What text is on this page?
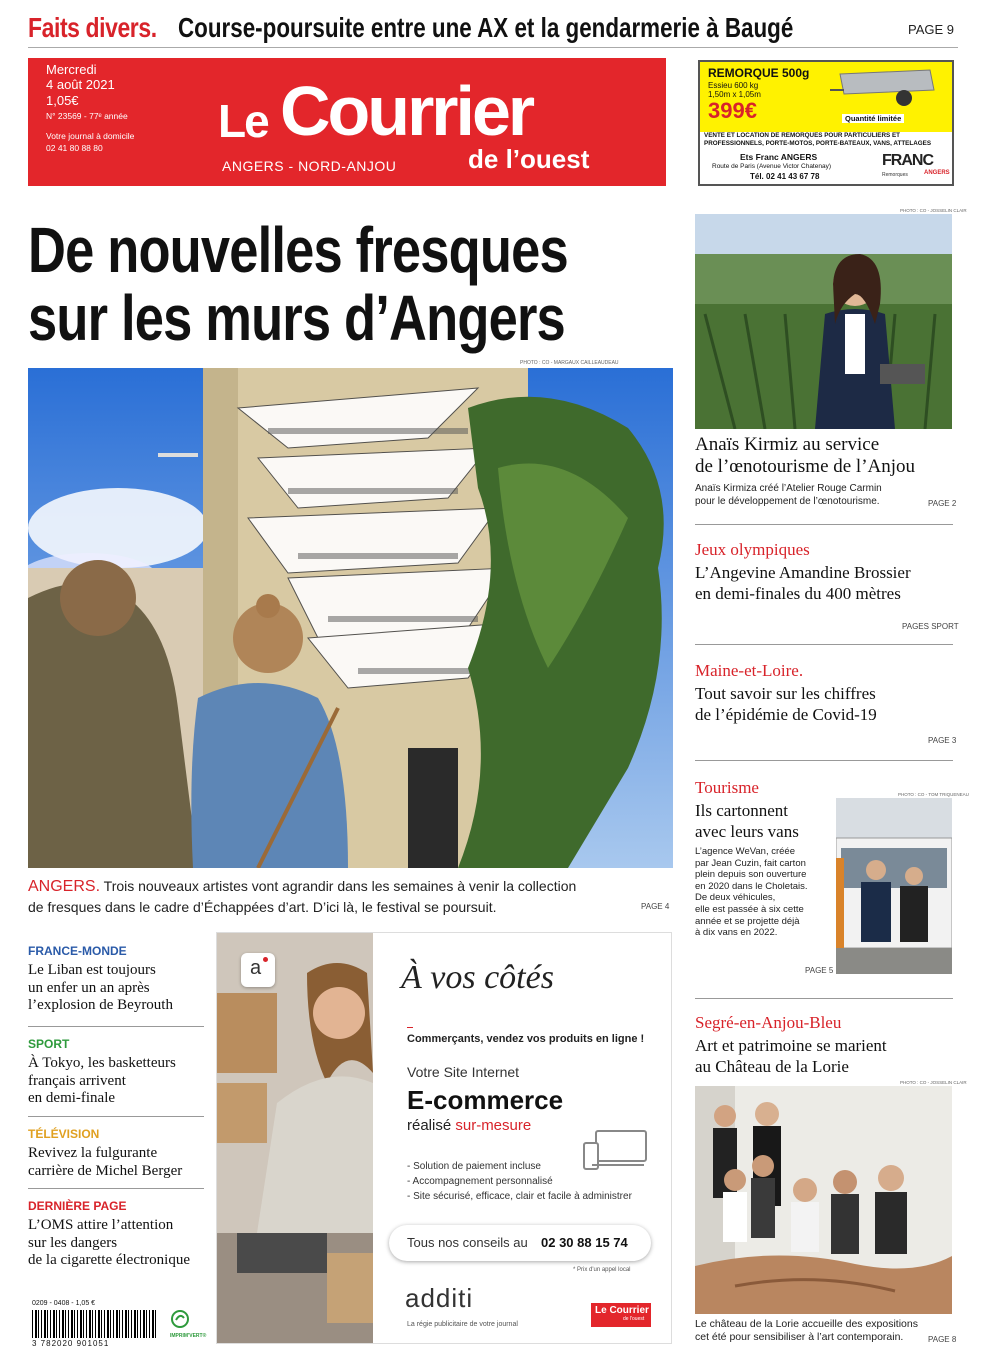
Faits divers. Course-poursuite entre une AX et la gendarmerie à Baugé	PAGE 9
Mercredi
4 août 2021
1,05€
N° 23569 - 77ᵉ année
Votre journal à domicile
02 41 80 88 80
Le Courrier
de l’ouest
ANGERS - NORD-ANJOU
REMORQUE 500g
Essieu 600 kg
1,50m x 1,05m
399€	Quantité limitée
VENTE ET LOCATION DE REMORQUES POUR PARTICULIERS ET PROFESSIONNELS, PORTE-MOTOS, PORTE-BATEAUX, VANS, ATTELAGES
Ets Franc ANGERS
Route de Paris (Avenue Victor Chatenay)
Tél. 02 41 43 67 78
FRANC
ANGERS
Remorques
De nouvelles fresques
sur les murs d’Angers
PHOTO : CO - MARGAUX CAILLEAUDEAU
ANGERS. Trois nouveaux artistes vont agrandir dans les semaines à venir la collection
de fresques dans le cadre d’Échappées d’art. D’ici là, le festival se poursuit.	PAGE 4
PHOTO : CO - JOSSELIN CLAIR
Anaïs Kirmiz au service
de l’œnotourisme de l’Anjou
Anaïs Kirmiza créé l’Atelier Rouge Carmin
pour le développement de l’œnotourisme.	PAGE 2
Jeux olympiques
L’Angevine Amandine Brossier
en demi-finales du 400 mètres
PAGES SPORT
Maine-et-Loire.
Tout savoir sur les chiffres
de l’épidémie de Covid-19
PAGE 3
Tourisme
Ils cartonnent
avec leurs vans
L’agence WeVan, créée
par Jean Cuzin, fait carton
plein depuis son ouverture
en 2020 dans le Choletais.
De deux véhicules,
elle est passée à six cette
année et se projette déjà
à dix vans en 2022.
PAGE 5
PHOTO : CO - TOM TRIQUENEAU
Segré-en-Anjou-Bleu
Art et patrimoine se marient
au Château de la Lorie
PHOTO : CO - JOSSELIN CLAIR
Le château de la Lorie accueille des expositions
cet été pour sensibiliser à l’art contemporain.	PAGE 8
FRANCE-MONDE
Le Liban est toujours
un enfer un an après
l’explosion de Beyrouth
SPORT
À Tokyo, les basketteurs
français arrivent
en demi-finale
TÉLÉVISION
Revivez la fulgurante
carrière de Michel Berger
DERNIÈRE PAGE
L’OMS attire l’attention
sur les dangers
de la cigarette électronique
0209 - 0408 - 1,05 €
3 782020 901051
IMPRIM'VERT®
a	À vos côtés
Commerçants, vendez vos produits en ligne !
Votre Site Internet
E-commerce
réalisé sur-mesure
- Solution de paiement incluse
- Accompagnement personnalisé
- Site sécurisé, efficace, clair et facile à administrer
Tous nos conseils au 02 30 88 15 74
* Prix d'un appel local
additi
La régie publicitaire de votre journal
Le Courrier
de l'ouest
